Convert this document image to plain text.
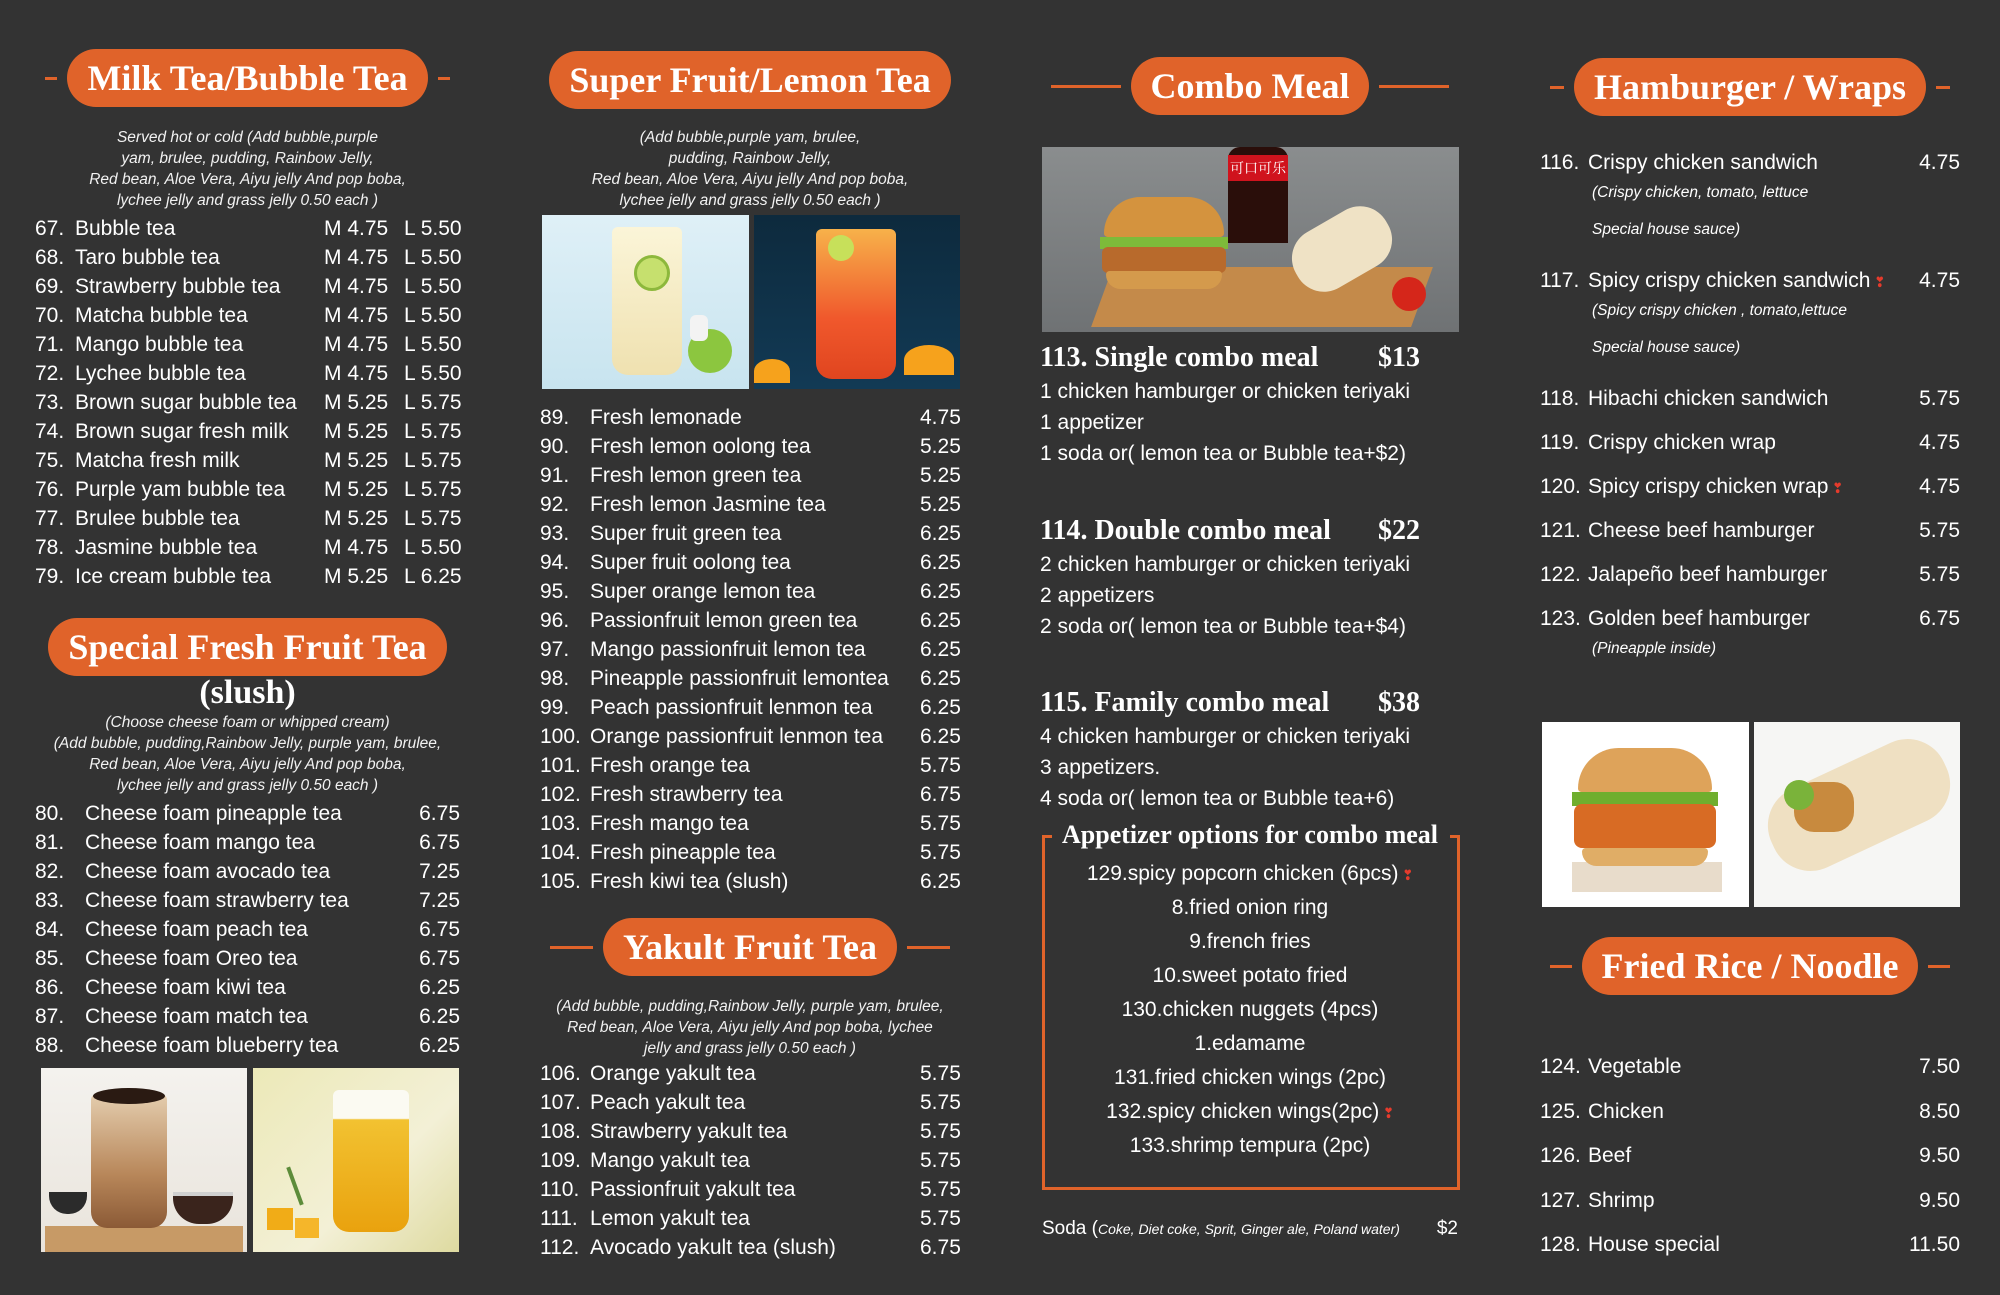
Milk Tea/Bubble Tea
Served hot or cold (Add bubble,purple
yam, brulee, pudding, Rainbow Jelly,
Red bean, Aloe Vera, Aiyu jelly And pop boba,
lychee jelly and grass jelly 0.50 each )
67. Bubble tea	M 4.75 L 5.50
68. Taro bubble tea	M 4.75 L 5.50
69. Strawberry bubble tea	M 4.75 L 5.50
70. Matcha bubble tea	M 4.75 L 5.50
71. Mango bubble tea	M 4.75 L 5.50
72. Lychee bubble tea	M 4.75 L 5.50
73. Brown sugar bubble tea	M 5.25 L 5.75
74. Brown sugar fresh milk	M 5.25 L 5.75
75. Matcha fresh milk	M 5.25 L 5.75
76. Purple yam bubble tea	M 5.25 L 5.75
77. Brulee bubble tea	M 5.25 L 5.75
78. Jasmine bubble tea	M 4.75 L 5.50
79. Ice cream bubble tea	M 5.25 L 6.25
Special Fresh Fruit Tea
(slush)
(Choose cheese foam or whipped cream)
(Add bubble, pudding,Rainbow Jelly, purple yam, brulee,
Red bean, Aloe Vera, Aiyu jelly And pop boba,
lychee jelly and grass jelly 0.50 each )
80. Cheese foam pineapple tea	6.75
81. Cheese foam mango tea	6.75
82. Cheese foam avocado tea	7.25
83. Cheese foam strawberry tea	7.25
84. Cheese foam peach tea	6.75
85. Cheese foam Oreo tea	6.75
86. Cheese foam kiwi tea	6.25
87. Cheese foam match tea	6.25
88. Cheese foam blueberry tea	6.25
Super Fruit/Lemon Tea
(Add bubble,purple yam, brulee,
pudding, Rainbow Jelly,
Red bean, Aloe Vera, Aiyu jelly And pop boba,
lychee jelly and grass jelly 0.50 each )
89. Fresh lemonade	4.75
90. Fresh lemon oolong tea	5.25
91. Fresh lemon green tea	5.25
92. Fresh lemon Jasmine tea	5.25
93. Super fruit green tea	6.25
94. Super fruit oolong tea	6.25
95. Super orange lemon tea	6.25
96. Passionfruit lemon green tea	6.25
97. Mango passionfruit lemon tea	6.25
98. Pineapple passionfruit lemontea	6.25
99. Peach passionfruit lenmon tea	6.25
100. Orange passionfruit lenmon tea	6.25
101. Fresh orange tea	5.75
102. Fresh strawberry tea	6.75
103. Fresh mango tea	5.75
104. Fresh pineapple tea	5.75
105. Fresh kiwi tea (slush)	6.25
Yakult Fruit Tea
(Add bubble, pudding,Rainbow Jelly, purple yam, brulee,
Red bean, Aloe Vera, Aiyu jelly And pop boba, lychee
jelly and grass jelly 0.50 each )
106. Orange yakult tea	5.75
107. Peach yakult tea	5.75
108. Strawberry yakult tea	5.75
109. Mango yakult tea	5.75
110. Passionfruit yakult tea	5.75
111. Lemon yakult tea	5.75
112. Avocado yakult tea (slush)	6.75
Combo Meal
可口可乐
113. Single combo meal $13
1 chicken hamburger or chicken teriyaki
1 appetizer
1 soda or( lemon tea or Bubble tea+$2)
114. Double combo meal $22
2 chicken hamburger or chicken teriyaki
2 appetizers
2 soda or( lemon tea or Bubble tea+$4)
115. Family combo meal $38
4 chicken hamburger or chicken teriyaki
3 appetizers.
4 soda or( lemon tea or Bubble tea+6)
Appetizer options for combo meal
129.spicy popcorn chicken (6pcs) ❣
8.fried onion ring
9.french fries
10.sweet potato fried
130.chicken nuggets (4pcs)
1.edamame
131.fried chicken wings (2pc)
132.spicy chicken wings(2pc) ❣
133.shrimp tempura (2pc)
Soda (Coke, Diet coke, Sprit, Ginger ale, Poland water) $2
Hamburger / Wraps
116. Crispy chicken sandwich	4.75
(Crispy chicken, tomato, lettuce
Special house sauce)
117. Spicy crispy chicken sandwich ❣	4.75
(Spicy crispy chicken , tomato,lettuce
Special house sauce)
118. Hibachi chicken sandwich	5.75
119. Crispy chicken wrap	4.75
120. Spicy crispy chicken wrap ❣	4.75
121. Cheese beef hamburger	5.75
122. Jalapeño beef hamburger	5.75
123. Golden beef hamburger	6.75
(Pineapple inside)
Fried Rice / Noodle
124. Vegetable	7.50
125. Chicken	8.50
126. Beef	9.50
127. Shrimp	9.50
128. House special	11.50
